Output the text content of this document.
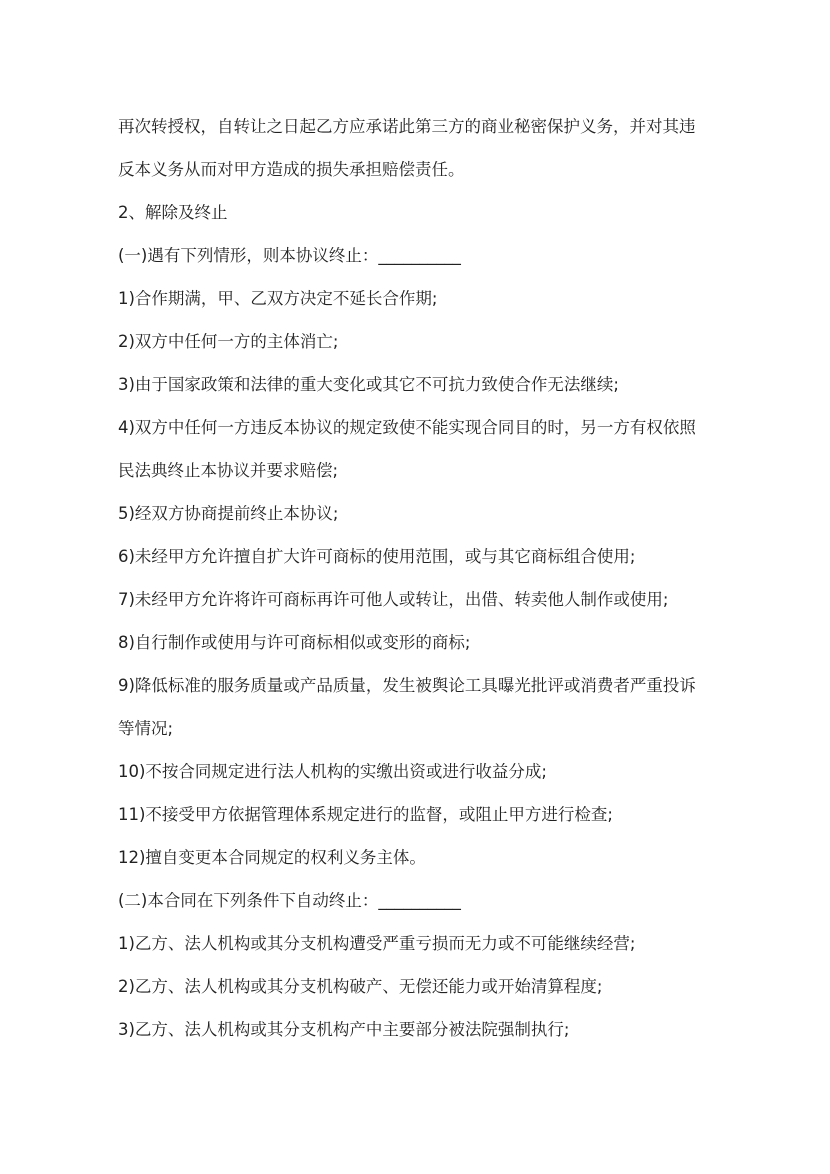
再次转授权，自转让之日起乙方应承诺此第三方的商业秘密保护义务，并对其违
反本义务从而对甲方造成的损失承担赔偿责任。
2、解除及终止
(一)遇有下列情形，则本协议终止：__________
1)合作期满，甲、乙双方决定不延长合作期;
2)双方中任何一方的主体消亡;
3)由于国家政策和法律的重大变化或其它不可抗力致使合作无法继续;
4)双方中任何一方违反本协议的规定致使不能实现合同目的时，另一方有权依照
民法典终止本协议并要求赔偿;
5)经双方协商提前终止本协议;
6)未经甲方允许擅自扩大许可商标的使用范围，或与其它商标组合使用;
7)未经甲方允许将许可商标再许可他人或转让，出借、转卖他人制作或使用;
8)自行制作或使用与许可商标相似或变形的商标;
9)降低标准的服务质量或产品质量，发生被舆论工具曝光批评或消费者严重投诉
等情况;
10)不按合同规定进行法人机构的实缴出资或进行收益分成;
11)不接受甲方依据管理体系规定进行的监督，或阻止甲方进行检查;
12)擅自变更本合同规定的权利义务主体。
(二)本合同在下列条件下自动终止：__________
1)乙方、法人机构或其分支机构遭受严重亏损而无力或不可能继续经营;
2)乙方、法人机构或其分支机构破产、无偿还能力或开始清算程度;
3)乙方、法人机构或其分支机构产中主要部分被法院强制执行;
